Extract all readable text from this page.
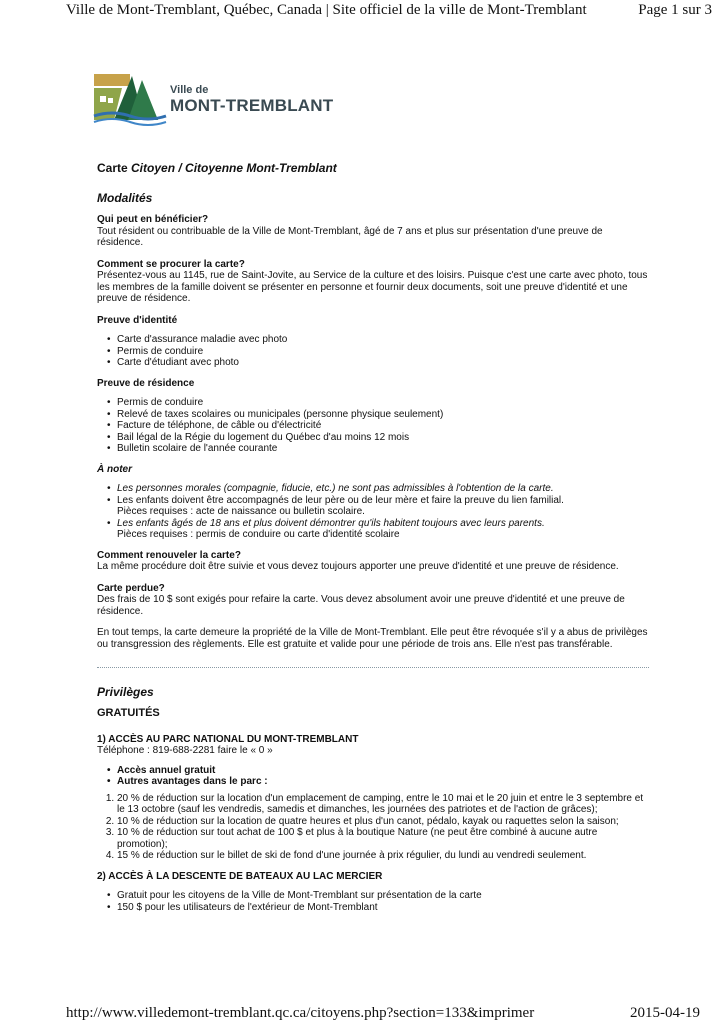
Ville de Mont-Tremblant, Québec, Canada | Site officiel de la ville de Mont-Tremblant	Page 1 sur 3
Ville de
MONT-TREMBLANT
Carte Citoyen / Citoyenne Mont-Tremblant
Modalités

Qui peut en bénéficier?

Tout résident ou contribuable de la Ville de Mont-Tremblant, âgé de 7 ans et plus sur présentation d'une preuve de résidence.

Comment se procurer la carte?

Présentez-vous au 1145, rue de Saint-Jovite, au Service de la culture et des loisirs. Puisque c'est une carte avec photo, tous les membres de la famille doivent se présenter en personne et fournir deux documents, soit une preuve d'identité et une preuve de résidence.

Preuve d'identité

• Carte d'assurance maladie avec photo
• Permis de conduire
• Carte d'étudiant avec photo

Preuve de résidence

• Permis de conduire
• Relevé de taxes scolaires ou municipales (personne physique seulement)
• Facture de téléphone, de câble ou d'électricité
• Bail légal de la Régie du logement du Québec d'au moins 12 mois
• Bulletin scolaire de l'année courante

À noter

• Les personnes morales (compagnie, fiducie, etc.) ne sont pas admissibles à l'obtention de la carte.
• Les enfants doivent être accompagnés de leur père ou de leur mère et faire la preuve du lien familial.
Pièces requises : acte de naissance ou bulletin scolaire.
• Les enfants âgés de 18 ans et plus doivent démontrer qu'ils habitent toujours avec leurs parents.
Pièces requises : permis de conduire ou carte d'identité scolaire

Comment renouveler la carte?

La même procédure doit être suivie et vous devez toujours apporter une preuve d'identité et une preuve de résidence.

Carte perdue?

Des frais de 10 $ sont exigés pour refaire la carte. Vous devez absolument avoir une preuve d'identité et une preuve de résidence.

En tout temps, la carte demeure la propriété de la Ville de Mont-Tremblant. Elle peut être révoquée s'il y a abus de privilèges ou transgression des règlements. Elle est gratuite et valide pour une période de trois ans. Elle n'est pas transférable.

Privilèges
GRATUITÉS

1) ACCÈS AU PARC NATIONAL DU MONT-TREMBLANT

Téléphone : 819-688-2281 faire le « 0 »

• Accès annuel gratuit
• Autres avantages dans le parc :
1. 20 % de réduction sur la location d'un emplacement de camping, entre le 10 mai et le 20 juin et entre le 3 septembre et le 13 octobre (sauf les vendredis, samedis et dimanches, les journées des patriotes et de l'action de grâces);
2. 10 % de réduction sur la location de quatre heures et plus d'un canot, pédalo, kayak ou raquettes selon la saison;
3. 10 % de réduction sur tout achat de 100 $ et plus à la boutique Nature (ne peut être combiné à aucune autre promotion);
4. 15 % de réduction sur le billet de ski de fond d'une journée à prix régulier, du lundi au vendredi seulement.

2) ACCÈS À LA DESCENTE DE BATEAUX AU LAC MERCIER

• Gratuit pour les citoyens de la Ville de Mont-Tremblant sur présentation de la carte
• 150 $ pour les utilisateurs de l'extérieur de Mont-Tremblant
http://www.villedemont-tremblant.qc.ca/citoyens.php?section=133&imprimer	2015-04-19
